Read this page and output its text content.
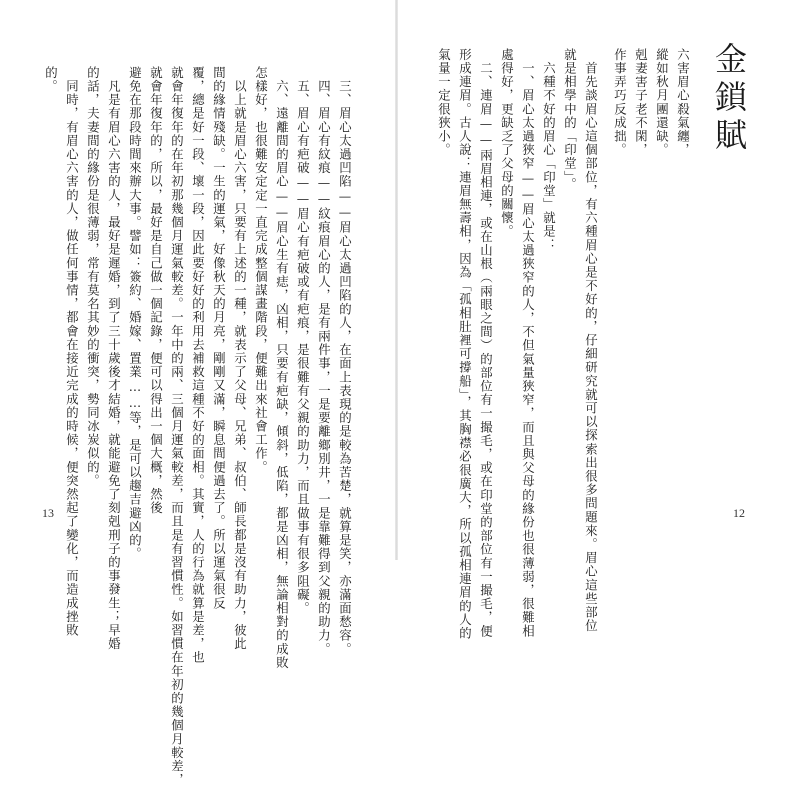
金鎖賦
六害眉心殺氣纏，
縱如秋月團還缺。
剋妻害子老不閑，
作事弄巧反成拙。
　首先談眉心這個部位，有六種眉心是不好的，仔細研究就可以探索出很多問題來。眉心這些部位
就是相學中的「印堂」。
　六種不好的眉心「印堂」就是：
　一、眉心太過狹窄——眉心太過狹窄的人，不但氣量狹窄，而且與父母的緣份也很薄弱，很難相
處得好，更缺乏了父母的關懷。
　二、連眉——兩眉相連，或在山根（兩眼之間）的部位有一撮毛，或在印堂的部位有一撮毛，便
形成連眉。古人說：連眉無壽相，因為「孤相肚裡可撐船」，其胸襟必很廣大，所以孤相連眉的人的
氣量一定很狹小。
12
　三、眉心太過凹陷——眉心太過凹陷的人，在面上表現的是較為苦楚，就算是笑，亦滿面愁容。
　四、眉心有紋痕——紋痕眉心的人，是有兩件事，一是要離鄉別井，一是靠難得到父親的助力。
　五、眉心有疤破——眉心有疤破或有疤痕，是很難有父親的助力，而且做事有很多阻礙。
　六、遠離間的眉心——眉心生有痣，凶相，只要有疤缺，傾斜，低陷，都是凶相，無論相對的成敗
怎樣好，也很難安定定一直完成整個謀畫階段，便難出來社會工作。
　以上就是眉心六害，只要有上述的一種，就表示了父母、兄弟、叔伯、師長都是沒有助力，彼此
間的緣情殘缺。一生的運氣，好像秋天的月亮，剛剛又滿，瞬息間便過去了。所以運氣很反
覆，總是好一段、壞一段，因此要好好的利用去補救這種不好的面相。其實，人的行為就算是差，也
就會年復年的在年初那幾個月運氣較差。一年中的兩、三個月運氣較差，而且是有習慣性。如習慣在年初的幾個月較差，
就會年復年的，所以，最好是自己做一個記錄，便可以得出一個大概，然後
避免在那段時間來辦大事。譬如：簽約、婚嫁、置業……等，是可以趨吉避凶的。
　凡是有眉心六害的人，最好是遲婚，到了三十歲後才結婚，就能避免了刻剋刑子的事發生；早婚
的話，夫妻間的緣份是很薄弱，常有莫名其妙的衝突，勢同冰炭似的。
　同時，有眉心六害的人，做任何事情，都會在接近完成的時候，便突然起了變化，而造成挫敗
的。
13
